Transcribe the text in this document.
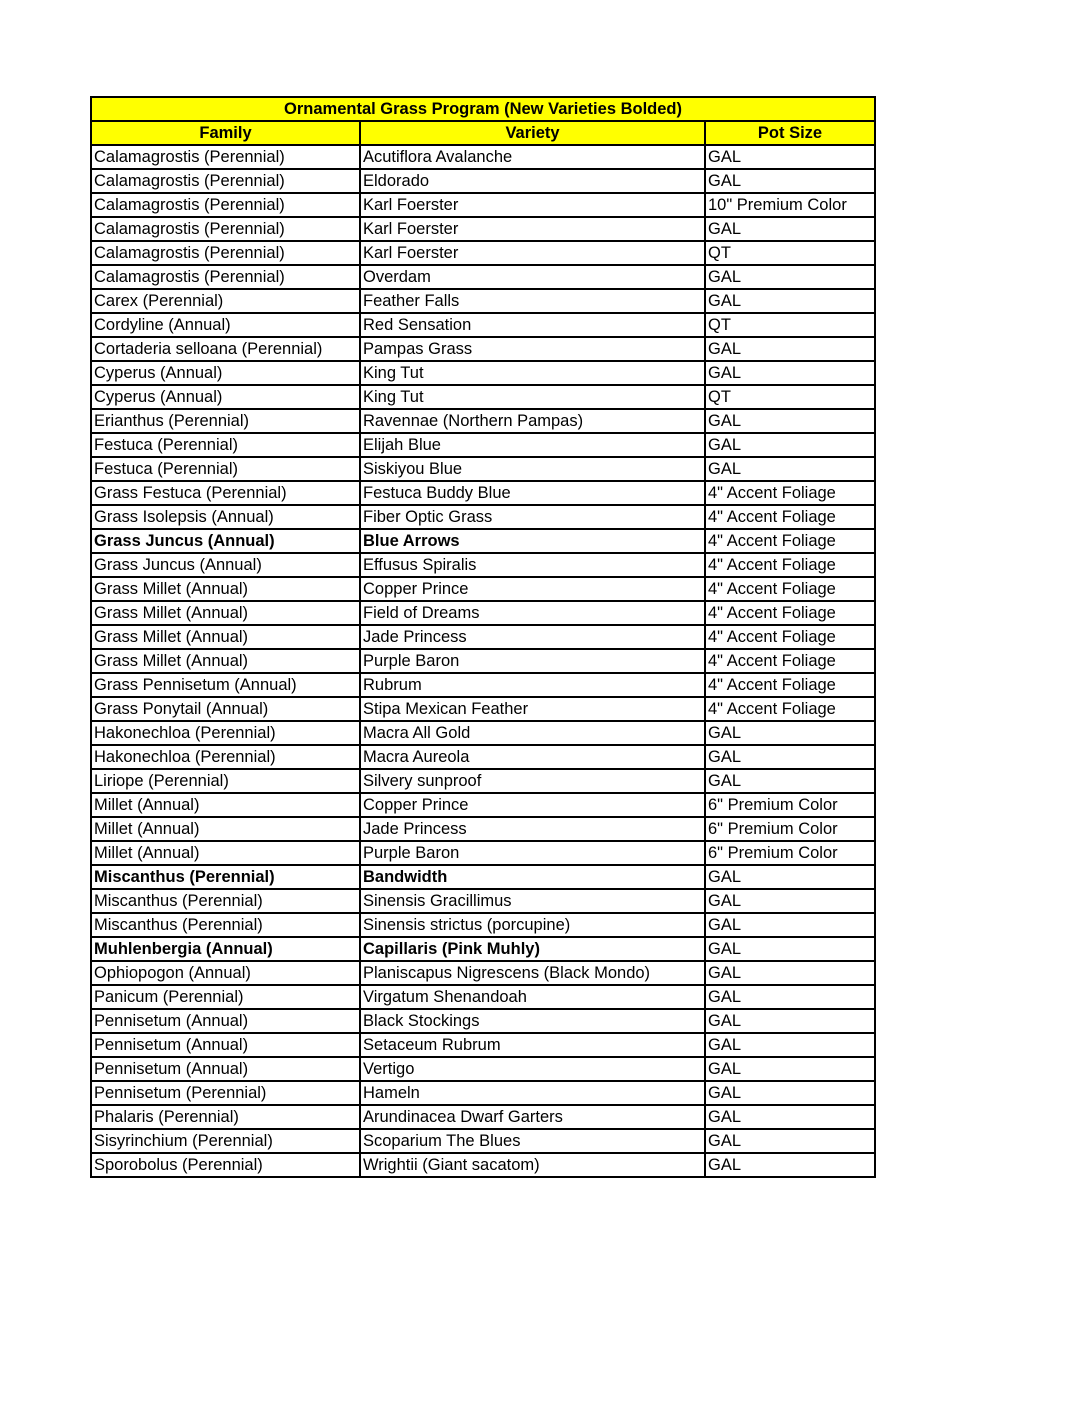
Ornamental Grass Program (New Varieties Bolded)		
Family	Variety	Pot Size
Calamagrostis (Perennial)	Acutiflora Avalanche	GAL
Calamagrostis (Perennial)	Eldorado	GAL
Calamagrostis (Perennial)	Karl Foerster	10" Premium Color
Calamagrostis (Perennial)	Karl Foerster	GAL
Calamagrostis (Perennial)	Karl Foerster	QT
Calamagrostis (Perennial)	Overdam	GAL
Carex (Perennial)	Feather Falls	GAL
Cordyline (Annual)	Red Sensation	QT
Cortaderia selloana (Perennial)	Pampas Grass	GAL
Cyperus (Annual)	King Tut	GAL
Cyperus (Annual)	King Tut	QT
Erianthus (Perennial)	Ravennae (Northern Pampas)	GAL
Festuca (Perennial)	Elijah Blue	GAL
Festuca (Perennial)	Siskiyou Blue	GAL
Grass Festuca (Perennial)	Festuca Buddy Blue	4" Accent Foliage
Grass Isolepsis (Annual)	Fiber Optic Grass	4" Accent Foliage
Grass Juncus (Annual)	Blue Arrows	4" Accent Foliage
Grass Juncus (Annual)	Effusus Spiralis	4" Accent Foliage
Grass Millet (Annual)	Copper Prince	4" Accent Foliage
Grass Millet (Annual)	Field of Dreams	4" Accent Foliage
Grass Millet (Annual)	Jade Princess	4" Accent Foliage
Grass Millet (Annual)	Purple Baron	4" Accent Foliage
Grass Pennisetum (Annual)	Rubrum	4" Accent Foliage
Grass Ponytail (Annual)	Stipa Mexican Feather	4" Accent Foliage
Hakonechloa (Perennial)	Macra All Gold	GAL
Hakonechloa (Perennial)	Macra Aureola	GAL
Liriope (Perennial)	Silvery sunproof	GAL
Millet (Annual)	Copper Prince	6" Premium Color
Millet (Annual)	Jade Princess	6" Premium Color
Millet (Annual)	Purple Baron	6" Premium Color
Miscanthus (Perennial)	Bandwidth	GAL
Miscanthus (Perennial)	Sinensis Gracillimus	GAL
Miscanthus (Perennial)	Sinensis strictus (porcupine)	GAL
Muhlenbergia (Annual)	Capillaris (Pink Muhly)	GAL
Ophiopogon (Annual)	Planiscapus Nigrescens (Black Mondo)	GAL
Panicum (Perennial)	Virgatum Shenandoah	GAL
Pennisetum (Annual)	Black Stockings	GAL
Pennisetum (Annual)	Setaceum Rubrum	GAL
Pennisetum (Annual)	Vertigo	GAL
Pennisetum (Perennial)	Hameln	GAL
Phalaris (Perennial)	Arundinacea Dwarf Garters	GAL
Sisyrinchium (Perennial)	Scoparium The Blues	GAL
Sporobolus (Perennial)	Wrightii (Giant sacatom)	GAL
